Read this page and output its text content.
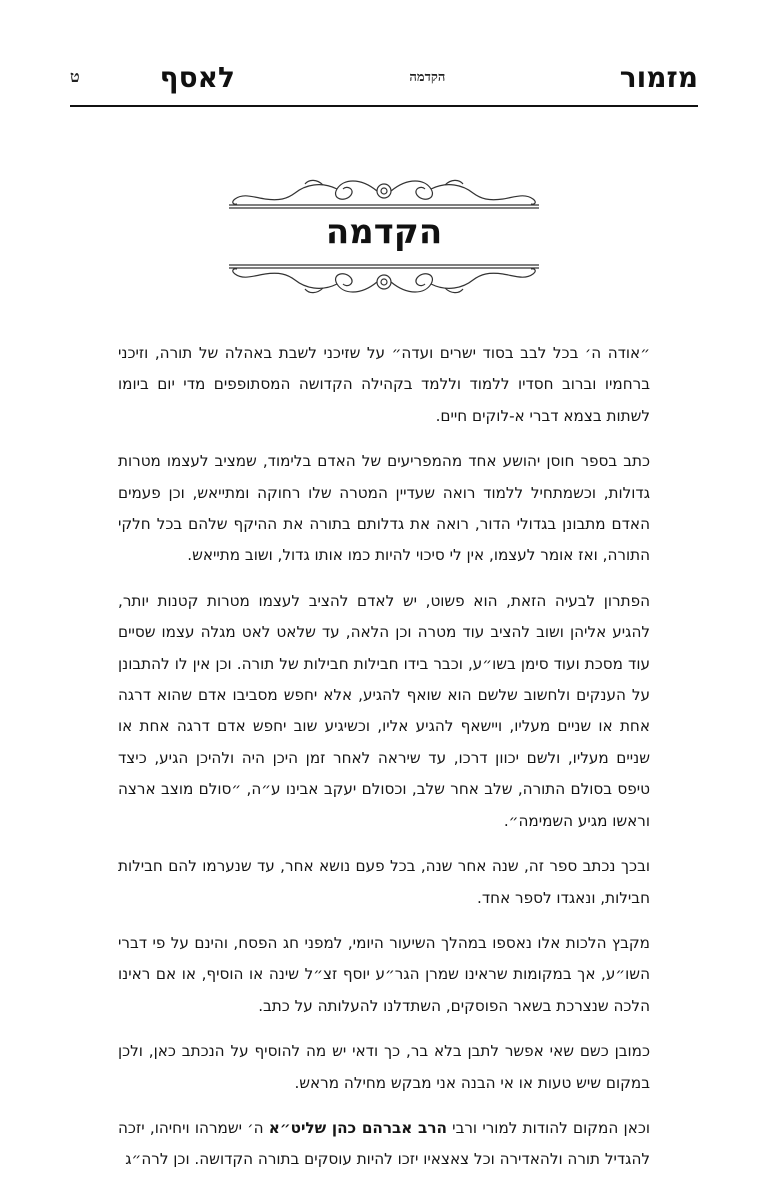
מזמור
הקדמה
לאסף
ט
הקדמה

״אודה ה׳ בכל לבב בסוד ישרים ועדה״ על שזיכני לשבת באהלה של תורה, וזיכני ברחמיו וברוב חסדיו ללמוד וללמד בקהילה הקדושה המסתופפים מדי יום ביומו לשתות בצמא דברי א-לוקים חיים.

כתב בספר חוסן יהושע אחד מהמפריעים של האדם בלימוד, שמציב לעצמו מטרות גדולות, וכשמתחיל ללמוד רואה שעדיין המטרה שלו רחוקה ומתייאש, וכן פעמים האדם מתבונן בגדולי הדור, רואה את גדלותם בתורה את ההיקף שלהם בכל חלקי התורה, ואז אומר לעצמו, אין לי סיכוי להיות כמו אותו גדול, ושוב מתייאש.

הפתרון לבעיה הזאת, הוא פשוט, יש לאדם להציב לעצמו מטרות קטנות יותר, להגיע אליהן ושוב להציב עוד מטרה וכן הלאה, עד שלאט לאט מגלה עצמו שסיים עוד מסכת ועוד סימן בשו״ע, וכבר בידו חבילות חבילות של תורה. וכן אין לו להתבונן על הענקים ולחשוב שלשם הוא שואף להגיע, אלא יחפש מסביבו אדם שהוא דרגה אחת או שניים מעליו, ויישאף להגיע אליו, וכשיגיע שוב יחפש אדם דרגה אחת או שניים מעליו, ולשם יכוון דרכו, עד שיראה לאחר זמן היכן היה ולהיכן הגיע, כיצד טיפס בסולם התורה, שלב אחר שלב, וכסולם יעקב אבינו ע״ה, ״סולם מוצב ארצה וראשו מגיע השמימה״.

ובכך נכתב ספר זה, שנה אחר שנה, בכל פעם נושא אחר, עד שנערמו להם חבילות חבילות, ונאגדו לספר אחד.

מקבץ הלכות אלו נאספו במהלך השיעור היומי, למפני חג הפסח, והינם על פי דברי השו״ע, אך במקומות שראינו שמרן הגר״ע יוסף זצ״ל שינה או הוסיף, או אם ראינו הלכה שנצרכת בשאר הפוסקים, השתדלנו להעלותה על כתב.

כמובן כשם שאי אפשר לתבן בלא בר, כך ודאי יש מה להוסיף על הנכתב כאן, ולכן במקום שיש טעות או אי הבנה אני מבקש מחילה מראש.

וכאן המקום להודות למורי ורבי הרב אברהם כהן שליט״א ה׳ ישמרהו ויחיהו, יזכה להגדיל תורה ולהאדירה וכל צאצאיו יזכו להיות עוסקים בתורה הקדושה. וכן לרה״ג
